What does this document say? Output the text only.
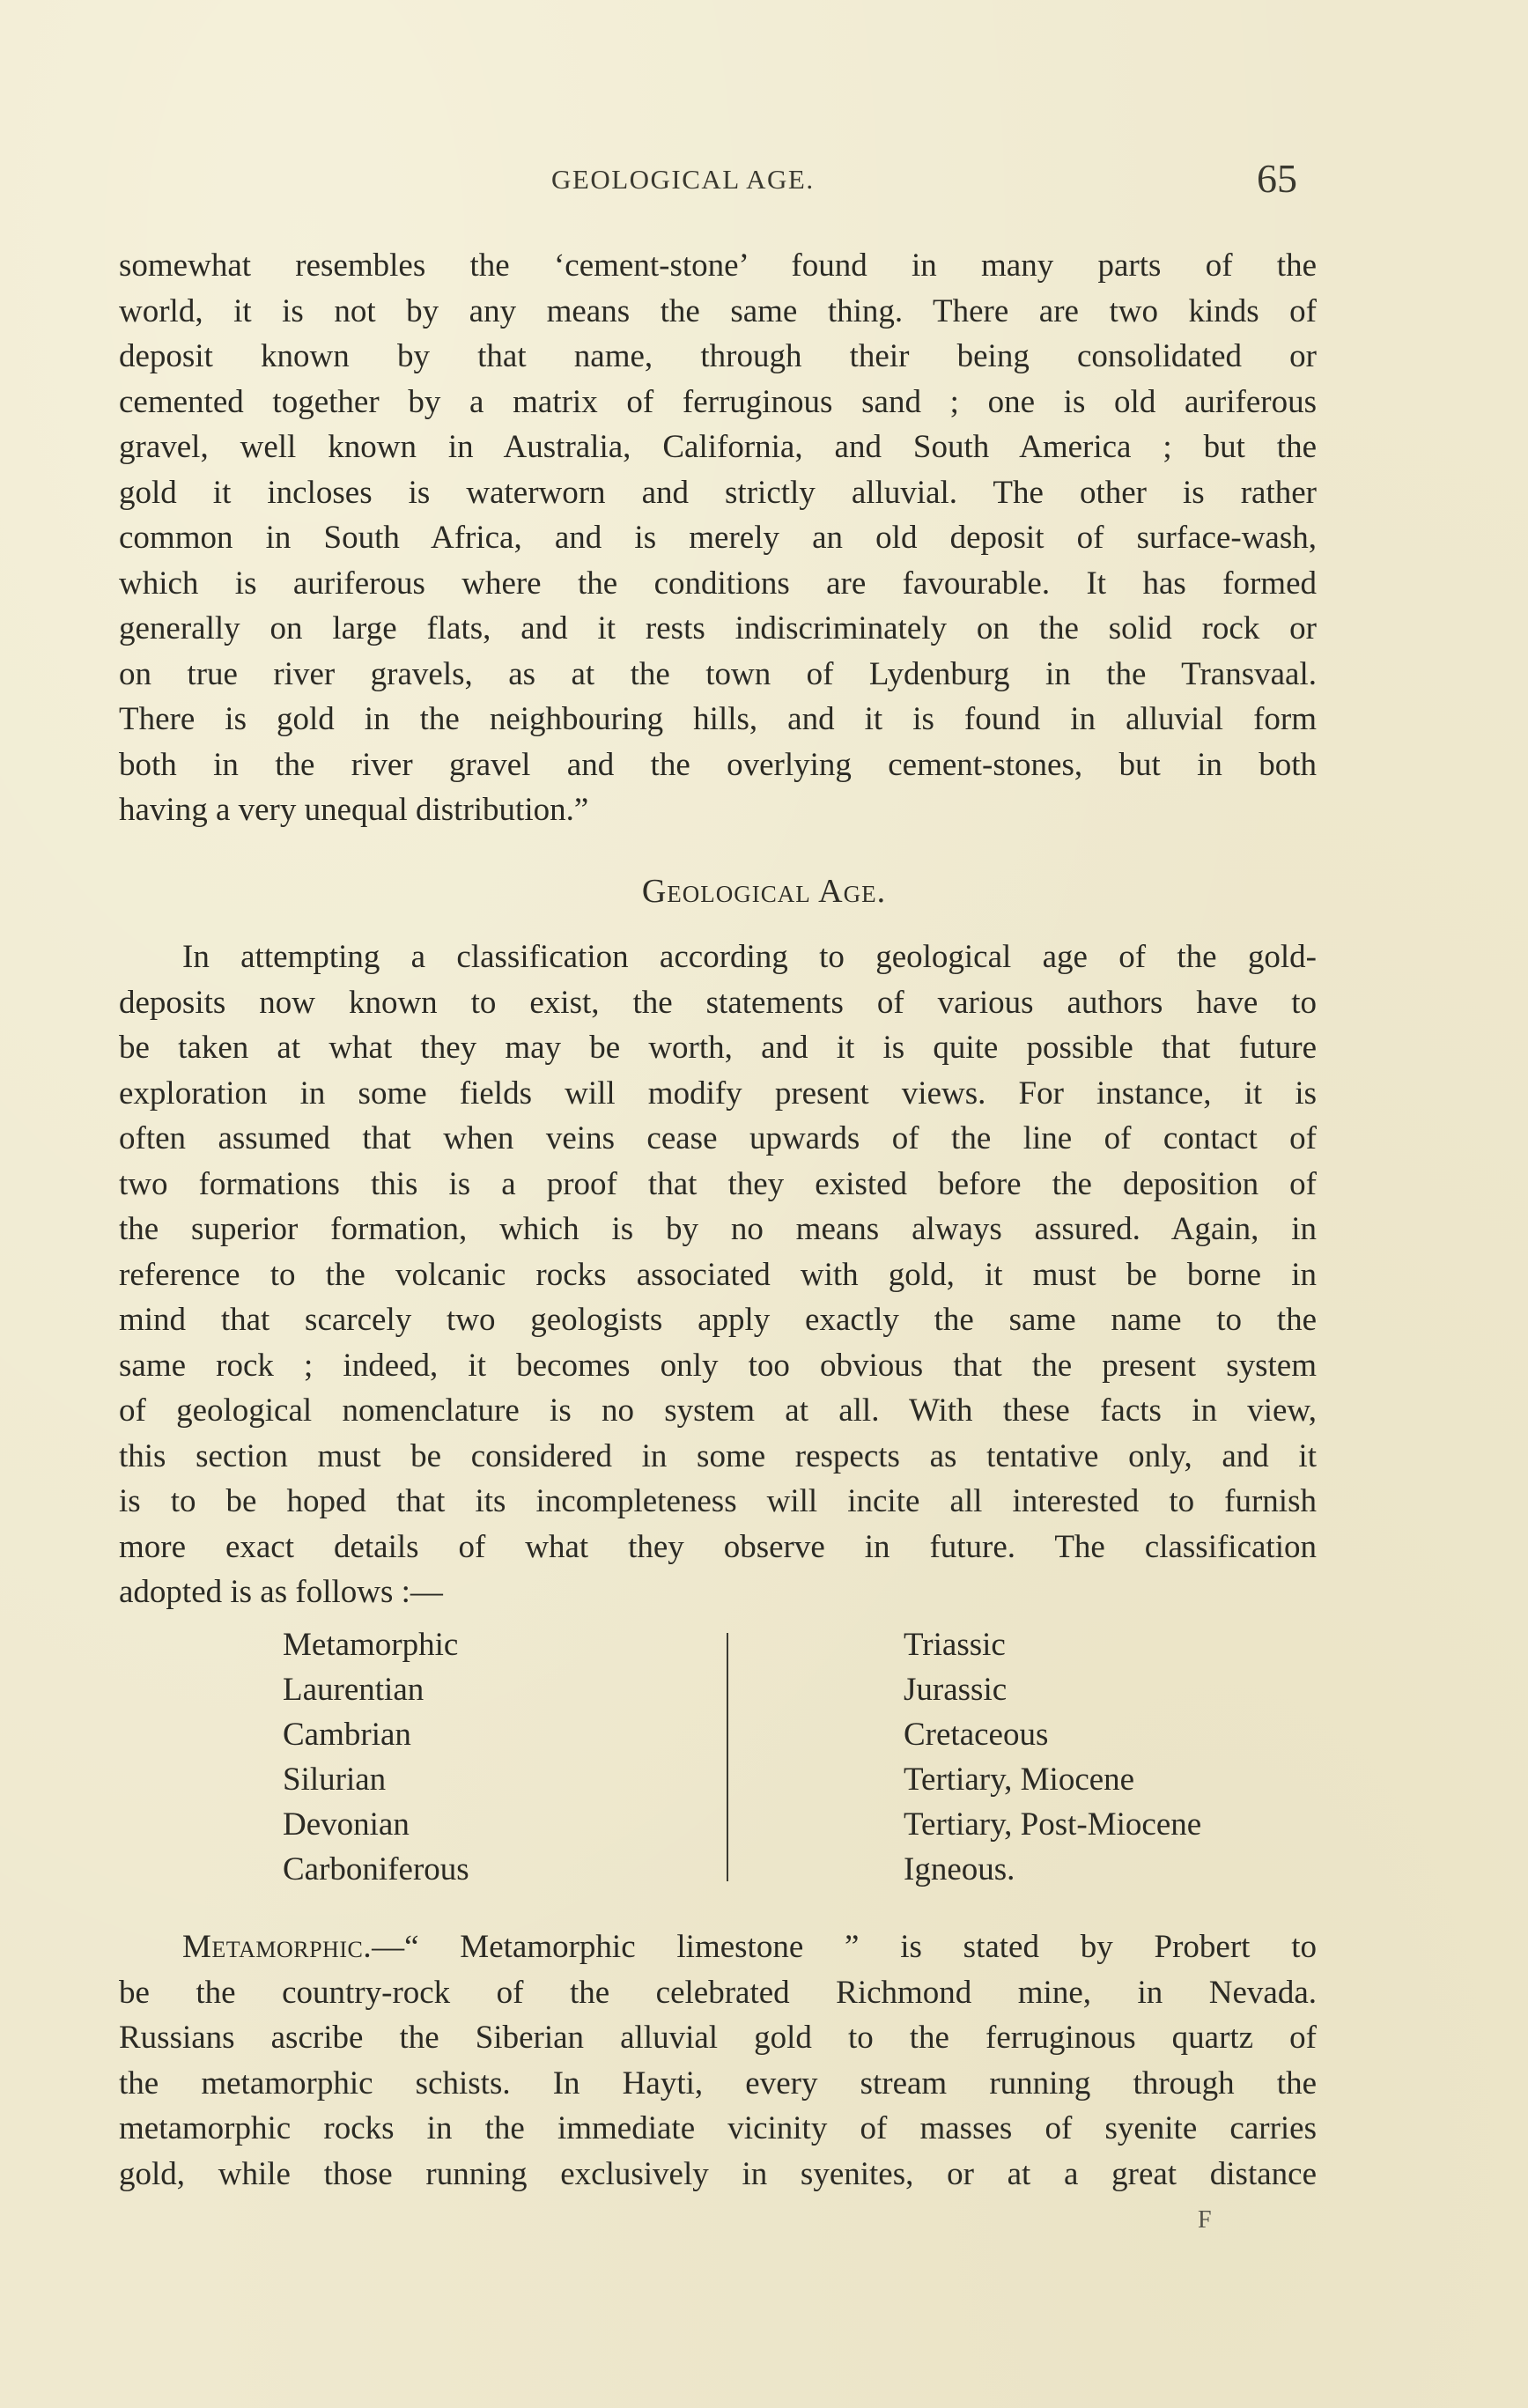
GEOLOGICAL AGE.	65
somewhat resembles the ‘cement-stone’ found in many parts of the
world, it is not by any means the same thing. There are two kinds of
deposit known by that name, through their being consolidated or
cemented together by a matrix of ferruginous sand ; one is old auriferous
gravel, well known in Australia, California, and South America ; but the
gold it incloses is waterworn and strictly alluvial. The other is rather
common in South Africa, and is merely an old deposit of surface-wash,
which is auriferous where the conditions are favourable. It has formed
generally on large flats, and it rests indiscriminately on the solid rock or
on true river gravels, as at the town of Lydenburg in the Transvaal.
There is gold in the neighbouring hills, and it is found in alluvial form
both in the river gravel and the overlying cement-stones, but in both
having a very unequal distribution.”
Geological Age.
In attempting a classification according to geological age of the gold-
deposits now known to exist, the statements of various authors have to
be taken at what they may be worth, and it is quite possible that future
exploration in some fields will modify present views. For instance, it is
often assumed that when veins cease upwards of the line of contact of
two formations this is a proof that they existed before the deposition of
the superior formation, which is by no means always assured. Again, in
reference to the volcanic rocks associated with gold, it must be borne in
mind that scarcely two geologists apply exactly the same name to the
same rock ; indeed, it becomes only too obvious that the present system
of geological nomenclature is no system at all. With these facts in view,
this section must be considered in some respects as tentative only, and it
is to be hoped that its incompleteness will incite all interested to furnish
more exact details of what they observe in future. The classification
adopted is as follows :—
Metamorphic
Laurentian
Cambrian
Silurian
Devonian
Carboniferous
Triassic
Jurassic
Cretaceous
Tertiary, Miocene
Tertiary, Post-Miocene
Igneous.
Metamorphic.—“ Metamorphic limestone ” is stated by Probert to
be the country-rock of the celebrated Richmond mine, in Nevada.
Russians ascribe the Siberian alluvial gold to the ferruginous quartz of
the metamorphic schists. In Hayti, every stream running through the
metamorphic rocks in the immediate vicinity of masses of syenite carries
gold, while those running exclusively in syenites, or at a great distance
F
